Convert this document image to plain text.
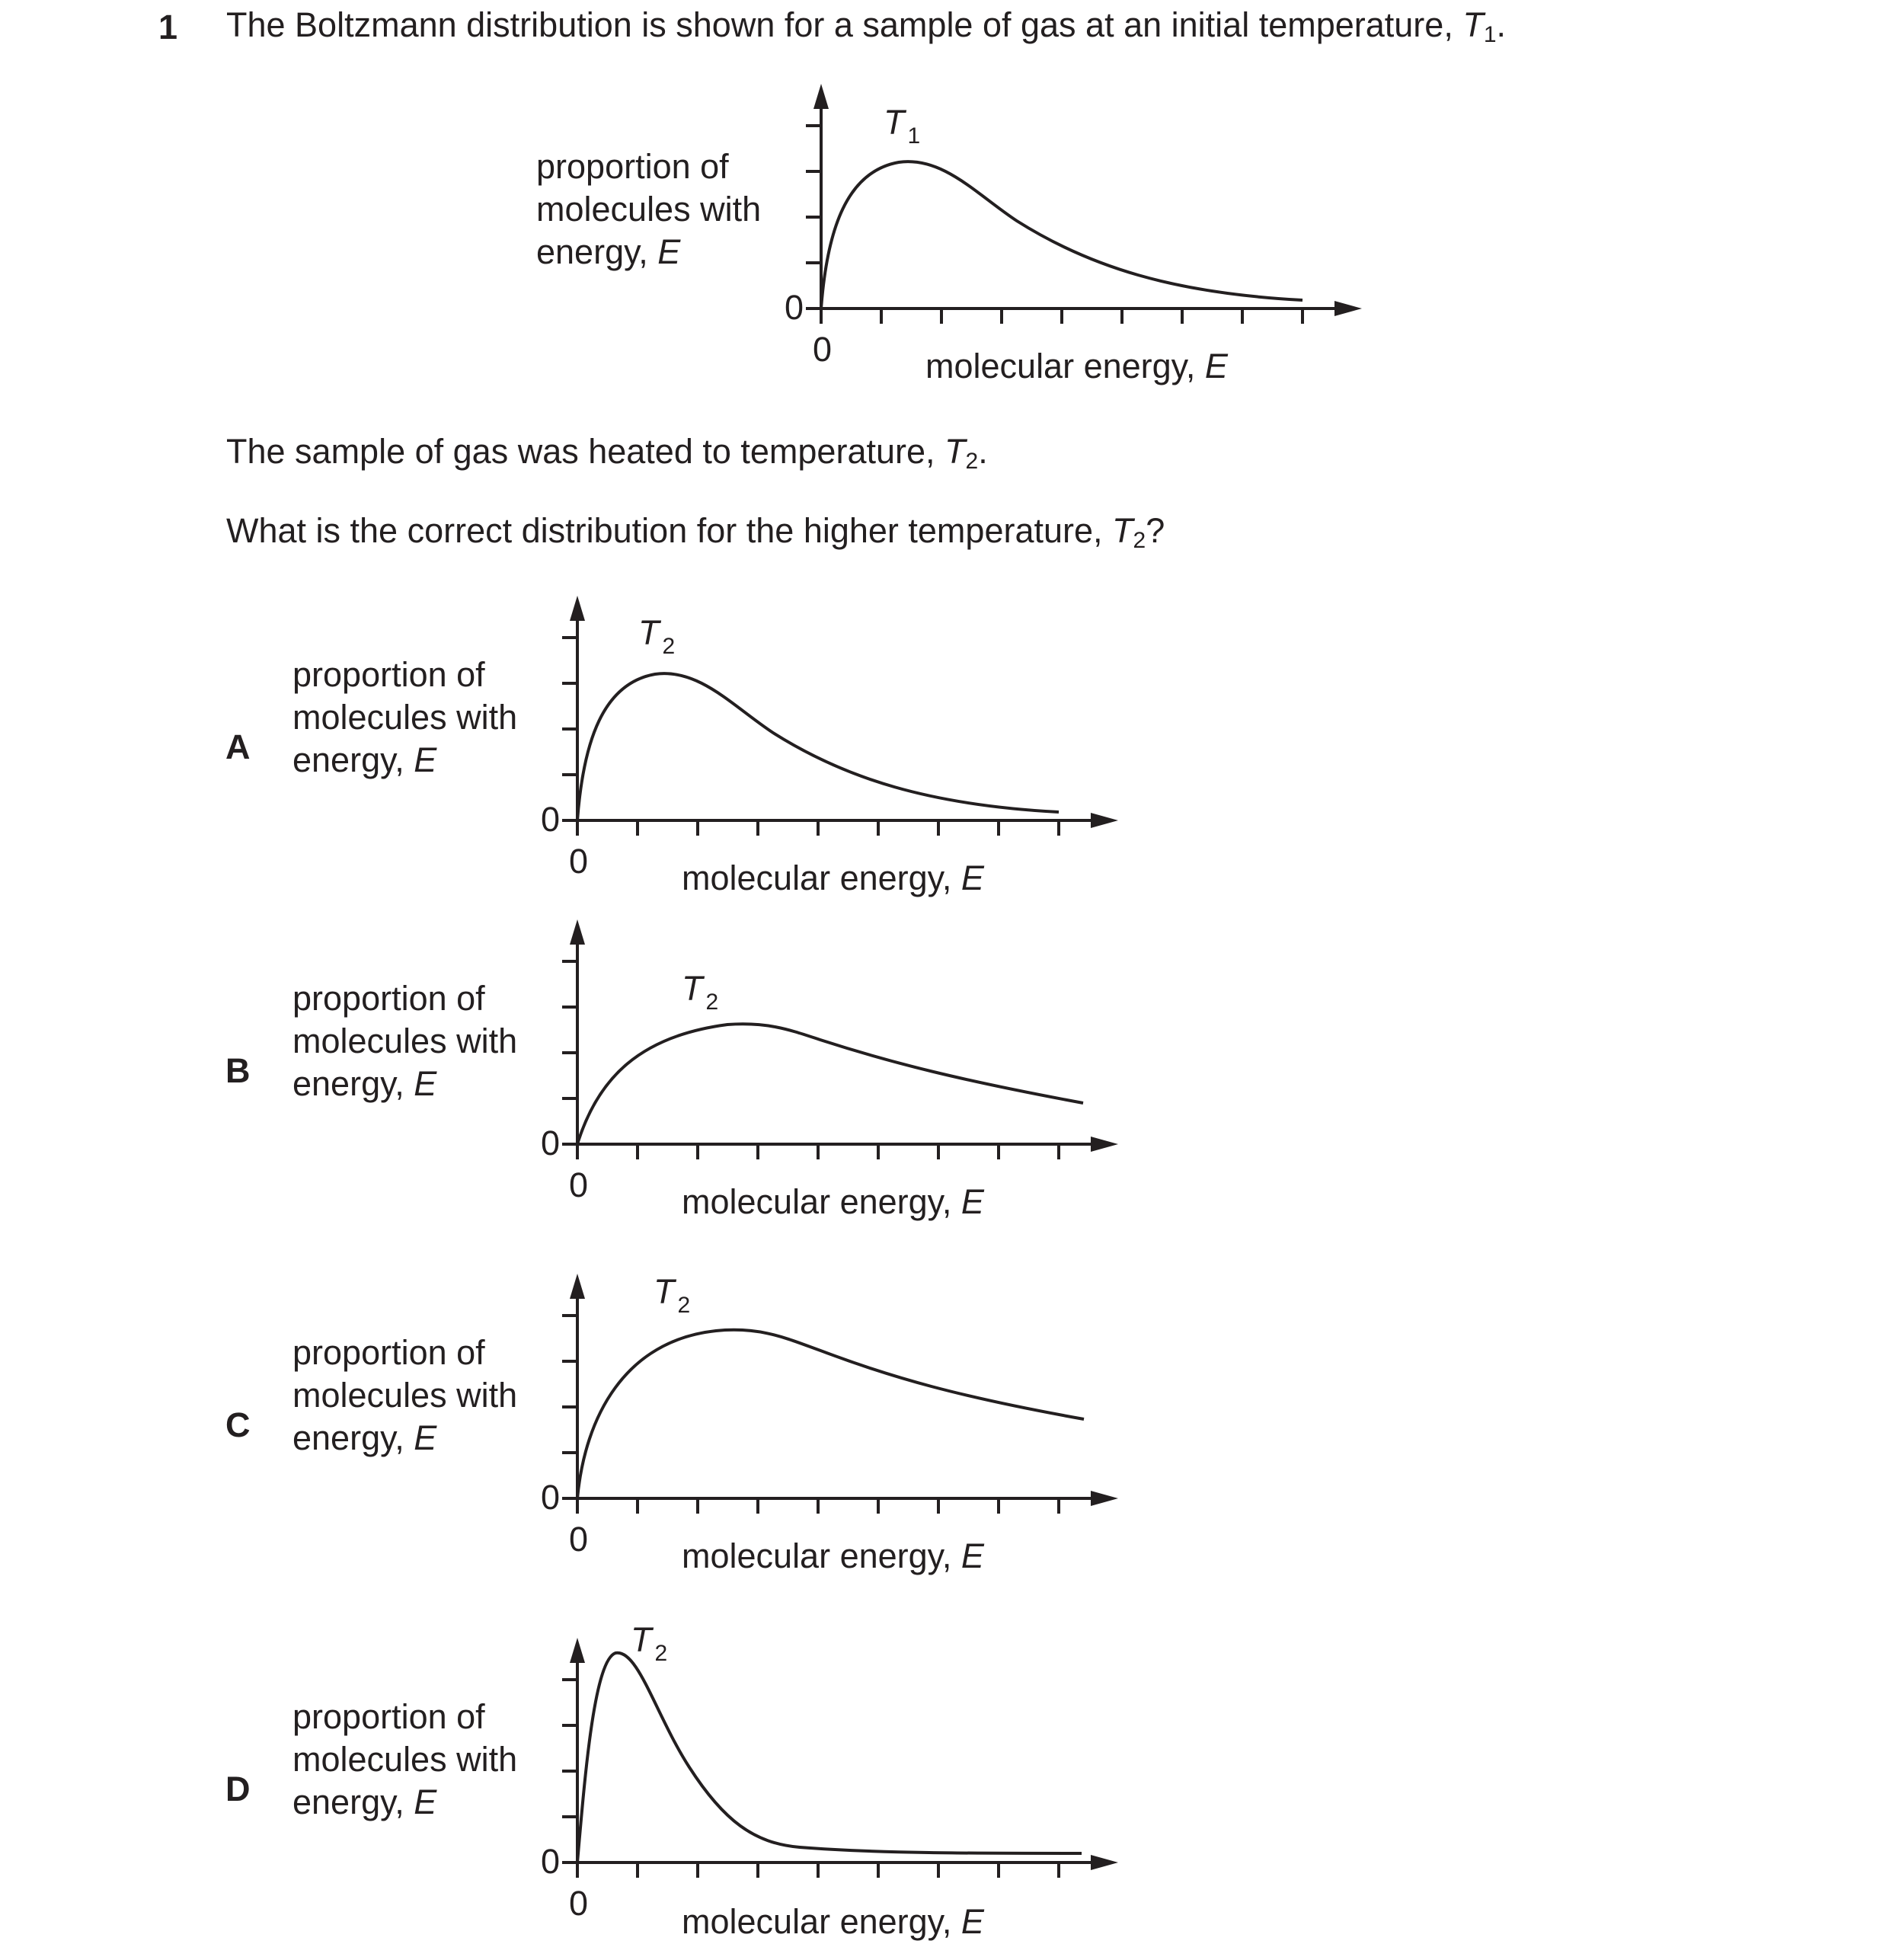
1 The Boltzmann distribution is shown for a sample of gas at an initial temperature, $T_1$.
proportion of
molecules with
energy, E
The sample of gas was heated to temperature, $T_2$.
What is the correct distribution for the higher temperature, $T_2$?
A
B
C
D
proportion of
molecules with
energy, E
proportion of
molecules with
energy, E
proportion of
molecules with
energy, E
proportion of
molecules with
energy, E
0
0	molecular energy, E
T 1
0
0	molecular energy, E
T 2
0
0	molecular energy, E
T 2
0
0	molecular energy, E
T 2
0
0	molecular energy, E
T 2
